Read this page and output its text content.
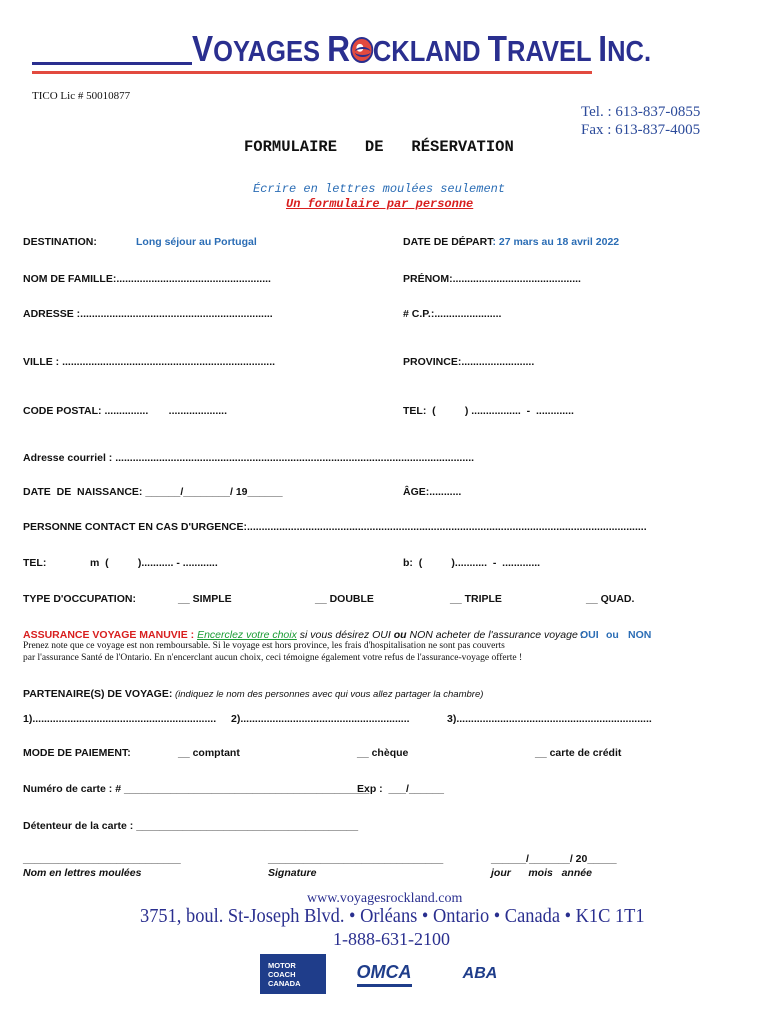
VOYAGES R CKLAND TRAVEL INC.
TICO Lic # 50010877
Tel. : 613-837-0855
Fax : 613-837-4005
FORMULAIRE   DE   RÉSERVATION
Écrire en lettres moulées seulement
Un formulaire par personne
DESTINATION:	Long séjour au Portugal	DATE DE DÉPART: 27 mars au 18 avril 2022
NOM DE FAMILLE:.....................................................	PRÉNOM:............................................
ADRESSE :..................................................................	# C.P.:.......................
VILLE : .........................................................................	PROVINCE:.........................
CODE POSTAL: ...............       ....................	TEL:  (          ) .................  -  .............
Adresse courriel : ...........................................................................................................................
DATE  DE  NAISSANCE: ______/________/ 19______	ÂGE:...........
PERSONNE CONTACT EN CAS D'URGENCE:.........................................................................................................................................
TEL:	m  (          )........... - ............	b:  (          )...........  -  .............
TYPE D'OCCUPATION:	__ SIMPLE	__ DOUBLE	__ TRIPLE	__ QUAD.
ASSURANCE VOYAGE MANUVIE : Encerclez votre choix si vous désirez OUI ou NON acheter de l'assurance voyage :
OUI ou NON
Prenez note que ce voyage est non remboursable. Si le voyage est hors province, les frais d'hospitalisation ne sont pas couverts
par l'assurance Santé de l'Ontario. En n'encerclant aucun choix, ceci témoigne également votre refus de l'assurance-voyage offerte !
PARTENAIRE(S) DE VOYAGE: (indiquez le nom des personnes avec qui vous allez partager la chambre)
1)............................................................... 2)..........................................................	3)...................................................................
MODE DE PAIEMENT:	__ comptant	__ chèque	__ carte de crédit
Numéro de carte : # __________________________________________
Exp :  ___/______
Détenteur de la carte : ______________________________________
___________________________	______________________________	______/_______/ 20_____
Nom en lettres moulées	Signature	jour      mois   année
www.voyagesrockland.com
3751, boul. St-Joseph Blvd. • Orléans • Ontario • Canada • K1C 1T1
1-888-631-2100
MOTOR COACH CANADA
OMCA	ABA
